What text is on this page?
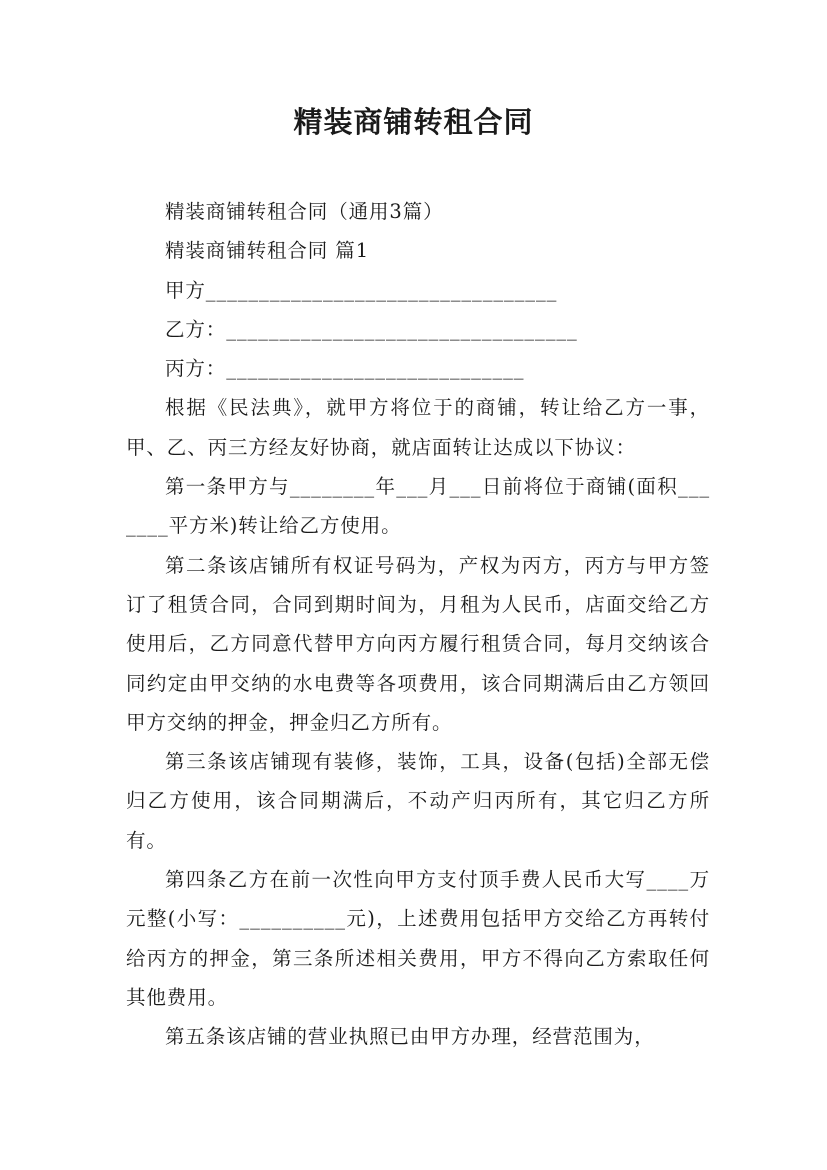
精装商铺转租合同

精装商铺转租合同（通用3篇）

精装商铺转租合同 篇1

甲方_________________________________

乙方：_________________________________

丙方：____________________________

根据《民法典》，就甲方将位于的商铺，转让给乙方一事，甲、乙、丙三方经友好协商，就店面转让达成以下协议：

第一条甲方与________年___月___日前将位于商铺(面积_______平方米)转让给乙方使用。

第二条该店铺所有权证号码为，产权为丙方，丙方与甲方签订了租赁合同，合同到期时间为，月租为人民币，店面交给乙方使用后，乙方同意代替甲方向丙方履行租赁合同，每月交纳该合同约定由甲交纳的水电费等各项费用，该合同期满后由乙方领回甲方交纳的押金，押金归乙方所有。

第三条该店铺现有装修，装饰，工具，设备(包括)全部无偿归乙方使用，该合同期满后，不动产归丙所有，其它归乙方所有。

第四条乙方在前一次性向甲方支付顶手费人民币大写____万元整(小写：__________元)，上述费用包括甲方交给乙方再转付给丙方的押金，第三条所述相关费用，甲方不得向乙方索取任何其他费用。

第五条该店铺的营业执照已由甲方办理，经营范围为，
